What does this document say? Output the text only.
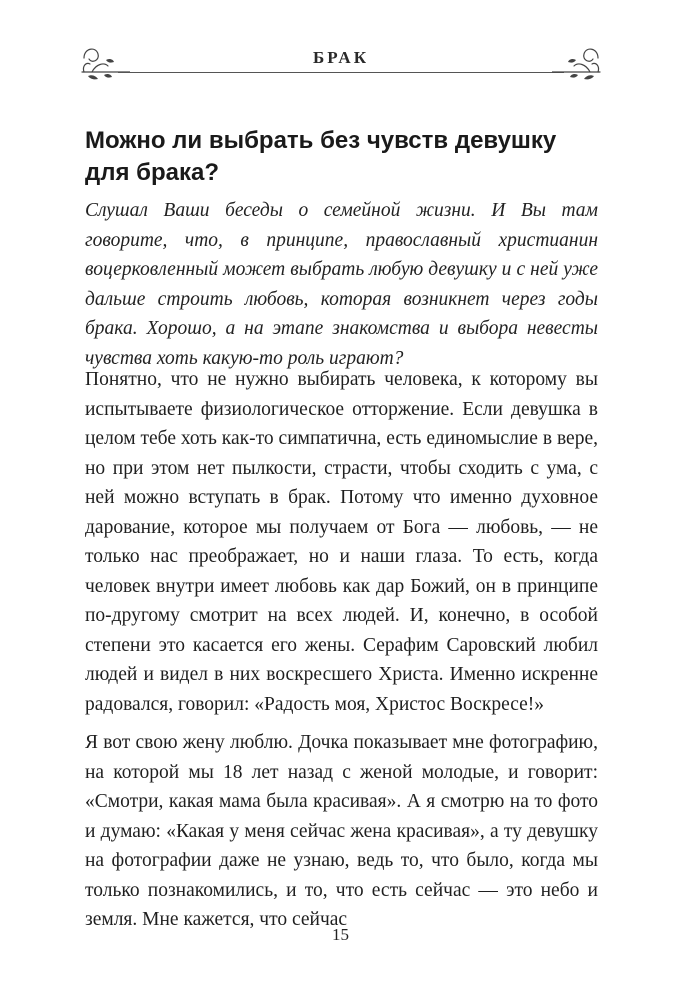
БРАК
Можно ли выбрать без чувств девушку для брака?

Слушал Ваши беседы о семейной жизни. И Вы там говорите, что, в принципе, православный христианин воцерковленный может выбрать любую девушку и с ней уже дальше строить любовь, которая возникнет через годы брака. Хорошо, а на этапе знакомства и выбора невесты чувства хоть какую-то роль играют?

Понятно, что не нужно выбирать человека, к которому вы испытываете физиологическое отторжение. Если девушка в целом тебе хоть как-то симпатична, есть единомыслие в вере, но при этом нет пылкости, страсти, чтобы сходить с ума, с ней можно вступать в брак. Потому что именно духовное дарование, которое мы получаем от Бога — любовь, — не только нас преображает, но и наши глаза. То есть, когда человек внутри имеет любовь как дар Божий, он в принципе по-другому смотрит на всех людей. И, конечно, в особой степени это касается его жены. Серафим Саровский любил людей и видел в них воскресшего Христа. Именно искренне радовался, говорил: «Радость моя, Христос Воскресе!»

Я вот свою жену люблю. Дочка показывает мне фотографию, на которой мы 18 лет назад с женой молодые, и говорит: «Смотри, какая мама была красивая». А я смотрю на то фото и думаю: «Какая у меня сейчас жена красивая», а ту девушку на фотографии даже не узнаю, ведь то, что было, когда мы только познакомились, и то, что есть сейчас — это небо и земля. Мне кажется, что сейчас

15
